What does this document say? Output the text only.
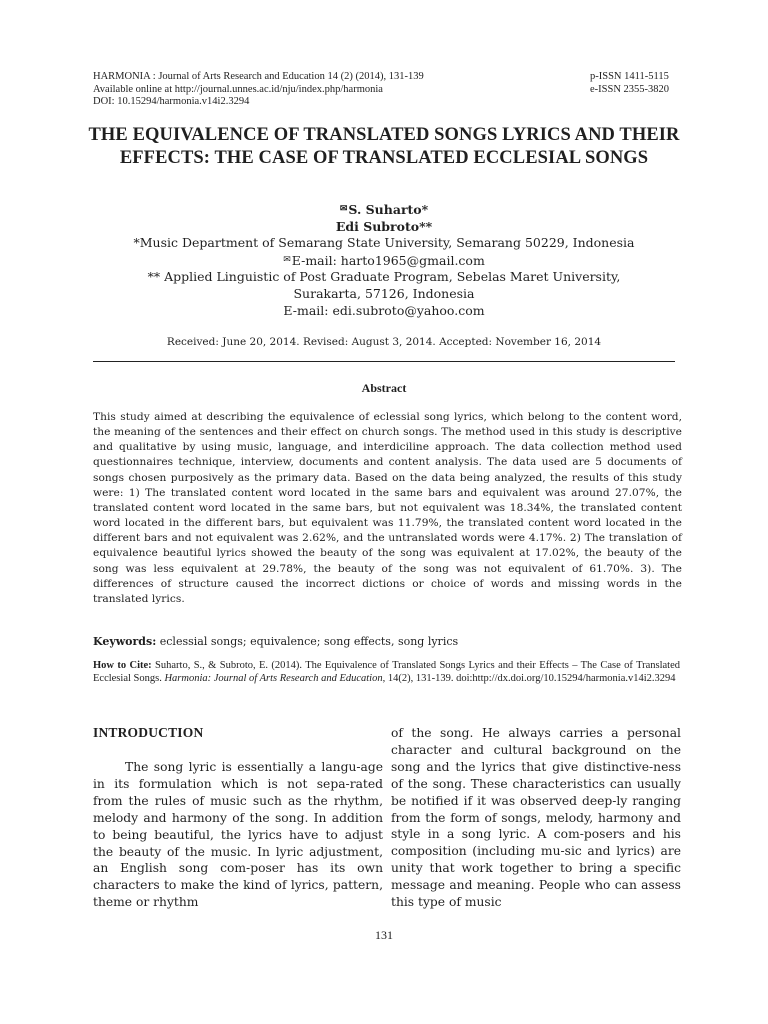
HARMONIA : Journal of Arts Research and Education 14 (2) (2014), 131-139
Available online at http://journal.unnes.ac.id/nju/index.php/harmonia
DOI: 10.15294/harmonia.v14i2.3294
p-ISSN 1411-5115
e-ISSN 2355-3820
THE EQUIVALENCE OF TRANSLATED SONGS LYRICS AND THEIR EFFECTS: THE CASE OF TRANSLATED ECCLESIAL SONGS
✉S. Suharto*
Edi Subroto**
*Music Department of Semarang State University, Semarang 50229, Indonesia
✉E-mail: harto1965@gmail.com
** Applied Linguistic of Post Graduate Program, Sebelas Maret University,
Surakarta, 57126, Indonesia
E-mail: edi.subroto@yahoo.com
Received: June 20, 2014. Revised: August 3, 2014. Accepted: November 16, 2014
Abstract
This study aimed at describing the equivalence of eclessial song lyrics, which belong to the content word, the meaning of the sentences and their effect on church songs. The method used in this study is descriptive and qualitative by using music, language, and interdiciline approach. The data collection method used questionnaires technique, interview, documents and content analysis. The data used are 5 documents of songs chosen purposively as the primary data. Based on the data being analyzed, the results of this study were: 1) The translated content word located in the same bars and equivalent was around 27.07%, the translated content word located in the same bars, but not equivalent was 18.34%, the translated content word located in the different bars, but equivalent was 11.79%, the translated content word located in the different bars and not equivalent was 2.62%, and the untranslated words were 4.17%. 2) The translation of equivalence beautiful lyrics showed the beauty of the song was equivalent at 17.02%, the beauty of the song was less equivalent at 29.78%, the beauty of the song was not equivalent of 61.70%. 3). The differences of structure caused the incorrect dictions or choice of words and missing words in the translated lyrics.
Keywords: eclessial songs; equivalence; song effects, song lyrics
How to Cite: Suharto, S., & Subroto, E. (2014). The Equivalence of Translated Songs Lyrics and their Effects – The Case of Translated Ecclesial Songs. Harmonia: Journal of Arts Research and Education, 14(2), 131-139. doi:http://dx.doi.org/10.15294/harmonia.v14i2.3294
INTRODUCTION

The song lyric is essentially a langu-age in its formulation which is not sepa-rated from the rules of music such as the rhythm, melody and harmony of the song. In addition to being beautiful, the lyrics have to adjust the beauty of the music. In lyric adjustment, an English song com-poser has its own characters to make the kind of lyrics, pattern, theme or rhythm

of the song. He always carries a personal character and cultural background on the song and the lyrics that give distinctive-ness of the song. These characteristics can usually be notified if it was observed deep-ly ranging from the form of songs, melody, harmony and style in a song lyric. A com-posers and his composition (including mu-sic and lyrics) are unity that work together to bring a specific message and meaning. People who can assess this type of music

131
